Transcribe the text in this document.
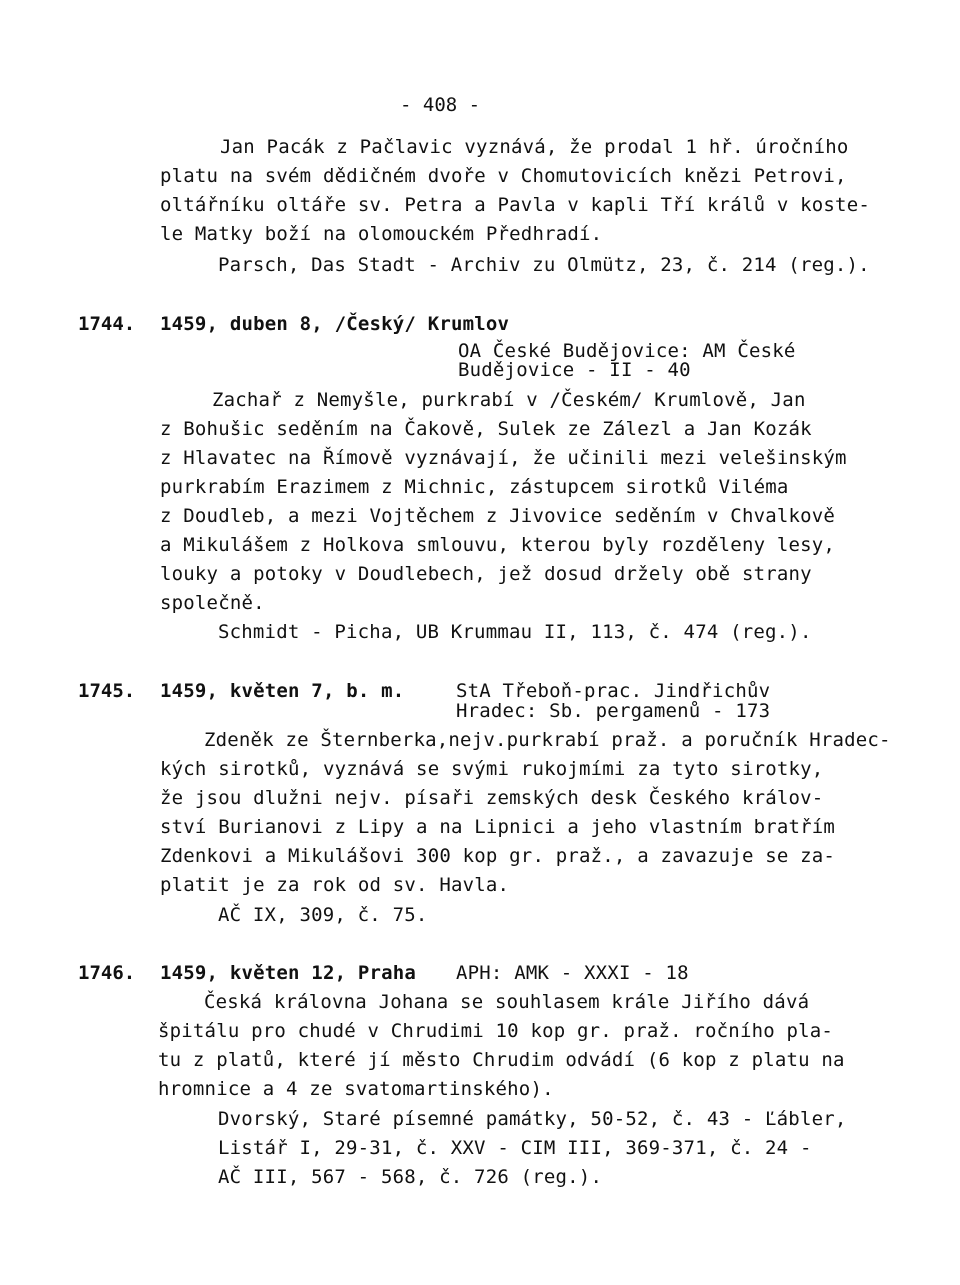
- 408 -
Jan Pacák z Pačlavic vyznává, že prodal 1 hř. úročního
platu na svém dědičném dvoře v Chomutovicích knězi Petrovi,
oltářníku oltáře sv. Petra a Pavla v kapli Tří králů v koste-
le Matky boží na olomouckém Předhradí.
Parsch, Das Stadt - Archiv zu Olmütz, 23, č. 214 (reg.).
1744. 1459, duben 8, /Český/ Krumlov
OA České Budějovice: AM České
Budějovice - II - 40
Zachař z Nemyšle, purkrabí v /Českém/ Krumlově, Jan
z Bohušic seděním na Čakově, Sulek ze Zálezl a Jan Kozák
z Hlavatec na Římově vyznávají, že učinili mezi velešinským
purkrabím Erazimem z Michnic, zástupcem sirotků Viléma
z Doudleb, a mezi Vojtěchem z Jivovice seděním v Chvalkově
a Mikulášem z Holkova smlouvu, kterou byly rozděleny lesy,
louky a potoky v Doudlebech, jež dosud držely obě strany
společně.
Schmidt - Picha, UB Krummau II, 113, č. 474 (reg.).
1745. 1459, květen 7, b. m.	StA Třeboň-prac. Jindřichův
Hradec: Sb. pergamenů - 173
Zdeněk ze Šternberka,nejv.purkrabí praž. a poručník Hradec-
kých sirotků, vyznává se svými rukojmími za tyto sirotky,
že jsou dlužni nejv. písaři zemských desk Českého králov-
ství Burianovi z Lipy a na Lipnici a jeho vlastním bratřím
Zdenkovi a Mikulášovi 300 kop gr. praž., a zavazuje se za-
platit je za rok od sv. Havla.
AČ IX, 309, č. 75.
1746. 1459, květen 12, Praha APH: AMK - XXXI - 18
Česká královna Johana se souhlasem krále Jiřího dává
špitálu pro chudé v Chrudimi 10 kop gr. praž. ročního pla-
tu z platů, které jí město Chrudim odvádí (6 kop z platu na
hromnice a 4 ze svatomartinského).
Dvorský, Staré písemné památky, 50-52, č. 43 - Ľábler,
Listář I, 29-31, č. XXV - CIM III, 369-371, č. 24 -
AČ III, 567 - 568, č. 726 (reg.).
